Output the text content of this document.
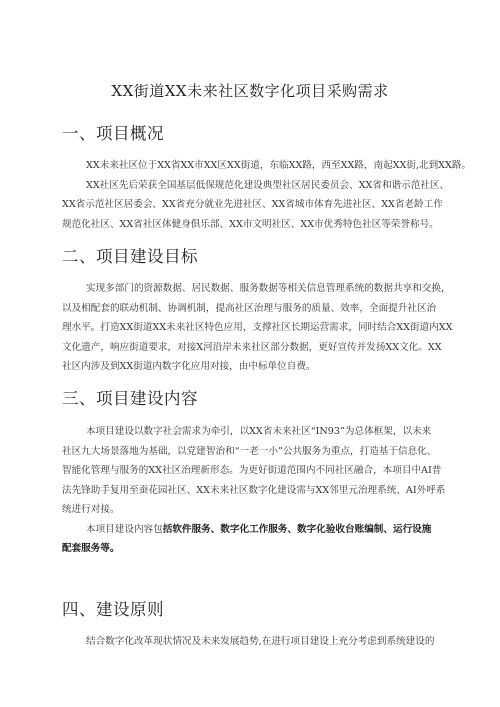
XX街道XX未来社区数字化项目采购需求
一、项目概况
XX未来社区位于XX省XX市XX区XX街道，东临XX路，西至XX路，南起XX街,北到XX路。
XX社区先后荣获全国基层低保规范化建设典型社区居民委员会、XX省和谐示范社区、
XX省示范社区居委会、XX省充分就业先进社区、XX省城市体育先进社区、XX省老龄工作
规范化社区、XX省社区体健身俱乐部、XX市文明社区、XX市优秀特色社区等荣誉称号。
二、项目建设目标
实现多部门的资源数据、居民数据、服务数据等相关信息管理系统的数据共享和交换，
以及相配套的联动机制、协调机制，提高社区治理与服务的质量、效率，全面提升社区治
理水平。打造XX街道XX未来社区特色应用，支撑社区长期运营需求，同时结合XX街道内XX
文化遗产，响应街道要求，对接X河沿岸未来社区部分数据，更好宣传并发扬XX文化。XX
社区内涉及到XX街道内数字化应用对接，由中标单位自费。
三、项目建设内容
本项目建设以数字社会需求为牵引，以XX省未来社区“IN93”为总体框架，以未来
社区九大场景落地为基础，以党建智治和“一老一小”公共服务为重点，打造基于信息化、
智能化管理与服务的XX社区治理新形态。为更好街道范围内不同社区融合，本项目中AI普
法先锋助手复用至蚕花园社区、XX未来社区数字化建设需与XX邻里元治理系统、AI外呼系
统进行对接。
本项目建设内容包括软件服务、数字化工作服务、数字化验收台账编制、运行设施
配套服务等。
四、建设原则
结合数字化改革现状情况及未来发展趋势,在进行项目建设上充分考虑到系统建设的
